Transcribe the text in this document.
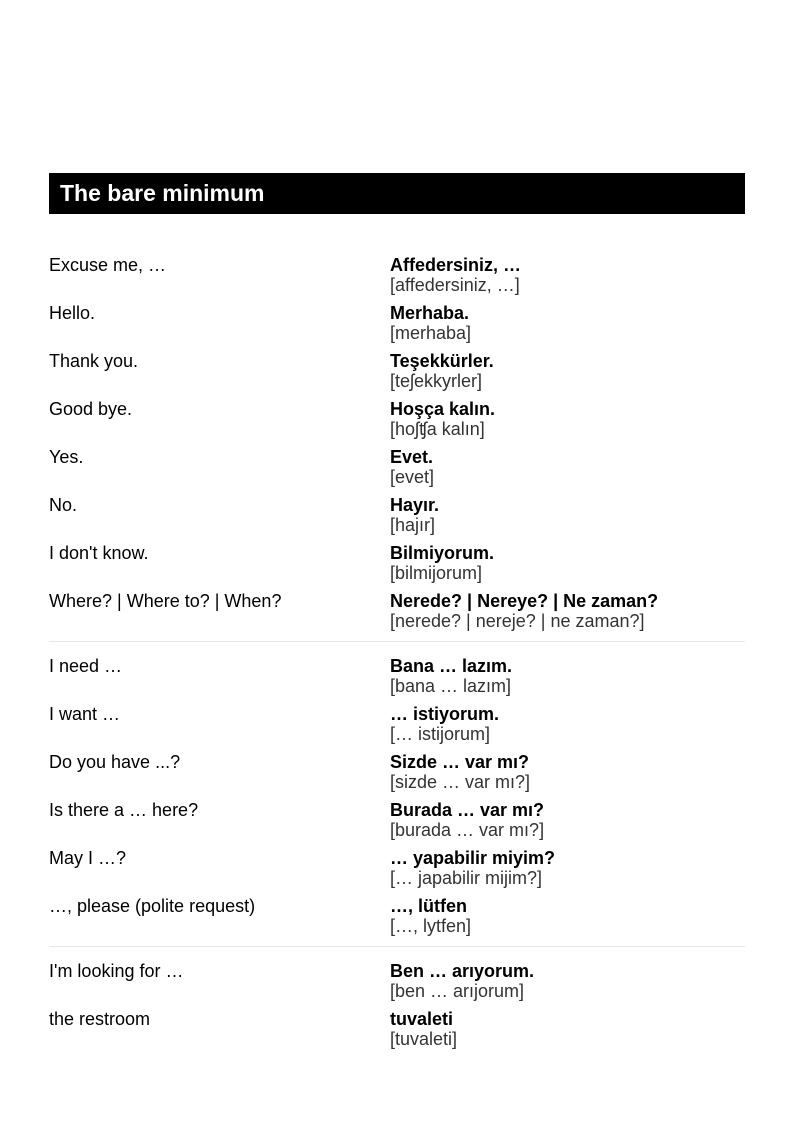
The bare minimum
Excuse me, …	Affedersiniz, …
[affedersiniz, …]
Hello.	Merhaba.
[merhaba]
Thank you.	Teşekkürler.
[teʃekkyrler]
Good bye.	Hoşça kalın.
[hoʃʧa kalın]
Yes.	Evet.
[evet]
No.	Hayır.
[hajır]
I don't know.	Bilmiyorum.
[bilmijorum]
Where? | Where to? | When?	Nerede? | Nereye? | Ne zaman?
[nerede? | nereje? | ne zaman?]
I need …	Bana … lazım.
[bana … lazım]
I want …	… istiyorum.
[… istijorum]
Do you have ...?	Sizde … var mı?
[sizde … var mı?]
Is there a … here?	Burada … var mı?
[burada … var mı?]
May I …?	… yapabilir miyim?
[… japabilir mijim?]
…, please (polite request)	…, lütfen
[…, lytfen]
I'm looking for …	Ben … arıyorum.
[ben … arıjorum]
the restroom	tuvaleti
[tuvaleti]
